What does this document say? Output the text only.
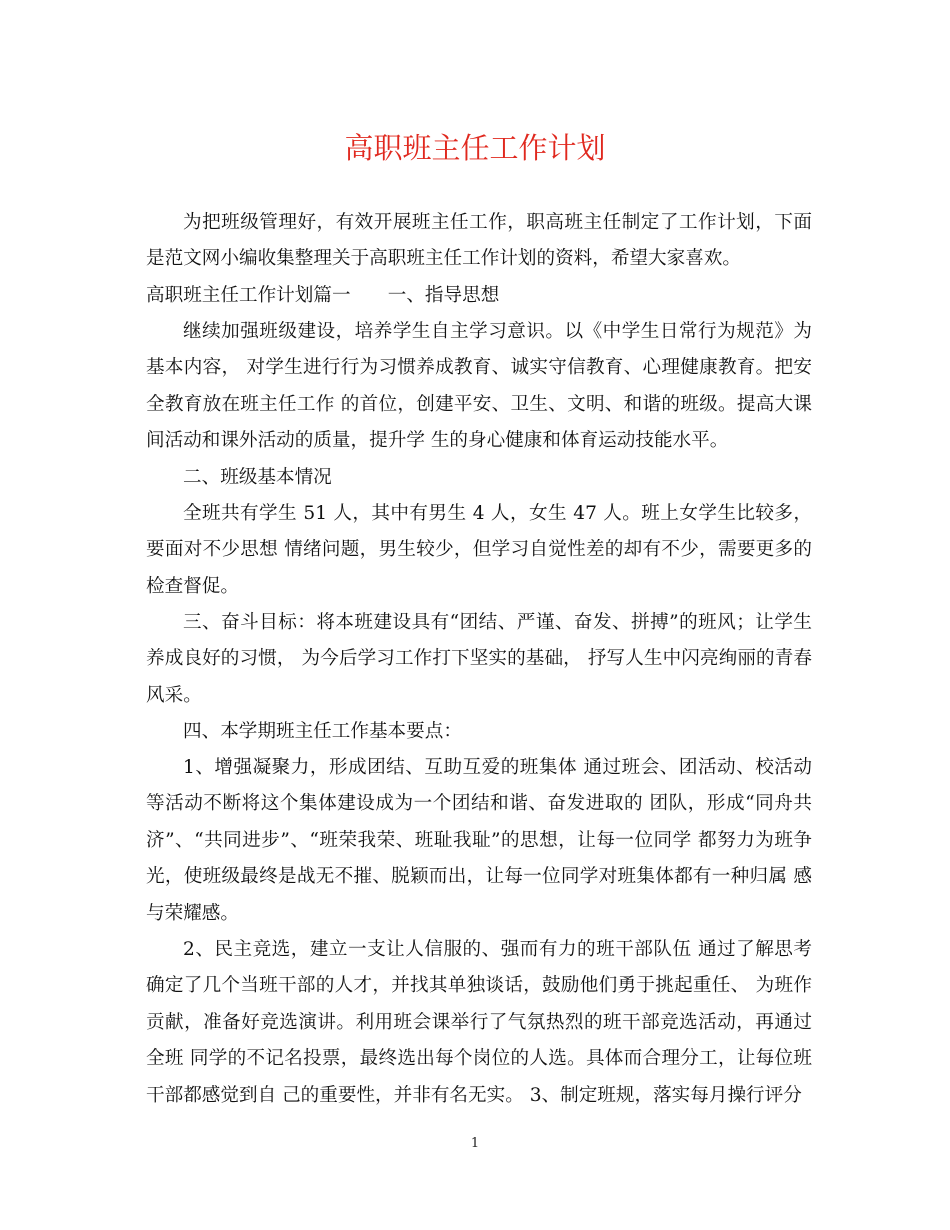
高职班主任工作计划

为把班级管理好，有效开展班主任工作，职高班主任制定了工作计划，下面是范文网小编收集整理关于高职班主任工作计划的资料，希望大家喜欢。

高职班主任工作计划篇一　　一、指导思想

继续加强班级建设，培养学生自主学习意识。以《中学生日常行为规范》为基本内容， 对学生进行行为习惯养成教育、诚实守信教育、心理健康教育。把安全教育放在班主任工作 的首位，创建平安、卫生、文明、和谐的班级。提高大课间活动和课外活动的质量，提升学 生的身心健康和体育运动技能水平。

二、班级基本情况

全班共有学生 51 人，其中有男生 4 人，女生 47 人。班上女学生比较多，要面对不少思想 情绪问题，男生较少，但学习自觉性差的却有不少，需要更多的检查督促。

三、奋斗目标：将本班建设具有“团结、严谨、奋发、拼搏”的班风；让学生养成良好的习惯， 为今后学习工作打下坚实的基础， 抒写人生中闪亮绚丽的青春风采。

四、本学期班主任工作基本要点：

1、增强凝聚力，形成团结、互助互爱的班集体 通过班会、团活动、校活动等活动不断将这个集体建设成为一个团结和谐、奋发进取的 团队，形成“同舟共济”、“共同进步”、“班荣我荣、班耻我耻”的思想，让每一位同学 都努力为班争光，使班级最终是战无不摧、脱颖而出，让每一位同学对班集体都有一种归属 感与荣耀感。

2、民主竞选，建立一支让人信服的、强而有力的班干部队伍 通过了解思考确定了几个当班干部的人才，并找其单独谈话，鼓励他们勇于挑起重任、 为班作贡献，准备好竞选演讲。利用班会课举行了气氛热烈的班干部竞选活动，再通过全班 同学的不记名投票，最终选出每个岗位的人选。具体而合理分工，让每位班干部都感觉到自 己的重要性，并非有名无实。 3、制定班规，落实每月操行评分

1
